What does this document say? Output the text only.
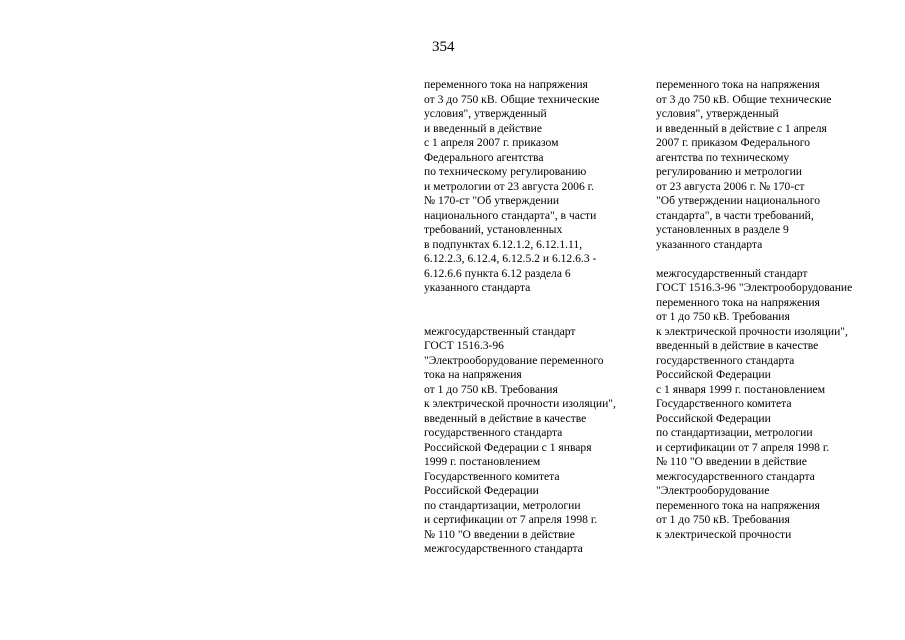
354
переменного тока на напряжения
от 3 до 750 кВ. Общие технические
условия", утвержденный
и введенный в действие
с 1 апреля 2007 г. приказом
Федерального агентства
по техническому регулированию
и метрологии от 23 августа 2006 г.
№ 170-ст "Об утверждении
национального стандарта", в части
требований, установленных
в подпунктах 6.12.1.2, 6.12.1.11,
6.12.2.3, 6.12.4, 6.12.5.2 и 6.12.6.3 -
6.12.6.6 пункта 6.12 раздела 6
указанного стандарта
межгосударственный стандарт
ГОСТ 1516.3-96
"Электрооборудование переменного
тока на напряжения
от 1 до 750 кВ. Требования
к электрической прочности изоляции",
введенный в действие в качестве
государственного стандарта
Российской Федерации с 1 января
1999 г. постановлением
Государственного комитета
Российской Федерации
по стандартизации, метрологии
и сертификации от 7 апреля 1998 г.
№ 110 "О введении в действие
межгосударственного стандарта
переменного тока на напряжения
от 3 до 750 кВ. Общие технические
условия", утвержденный
и введенный в действие с 1 апреля
2007 г. приказом Федерального
агентства по техническому
регулированию и метрологии
от 23 августа 2006 г. № 170-ст
"Об утверждении национального
стандарта", в части требований,
установленных в разделе 9
указанного стандарта
межгосударственный стандарт
ГОСТ 1516.3-96 "Электрооборудование
переменного тока на напряжения
от 1 до 750 кВ. Требования
к электрической прочности изоляции",
введенный в действие в качестве
государственного стандарта
Российской Федерации
с 1 января 1999 г. постановлением
Государственного комитета
Российской Федерации
по стандартизации, метрологии
и сертификации от 7 апреля 1998 г.
№ 110 "О введении в действие
межгосударственного стандарта
"Электрооборудование
переменного тока на напряжения
от 1 до 750 кВ. Требования
к электрической прочности
